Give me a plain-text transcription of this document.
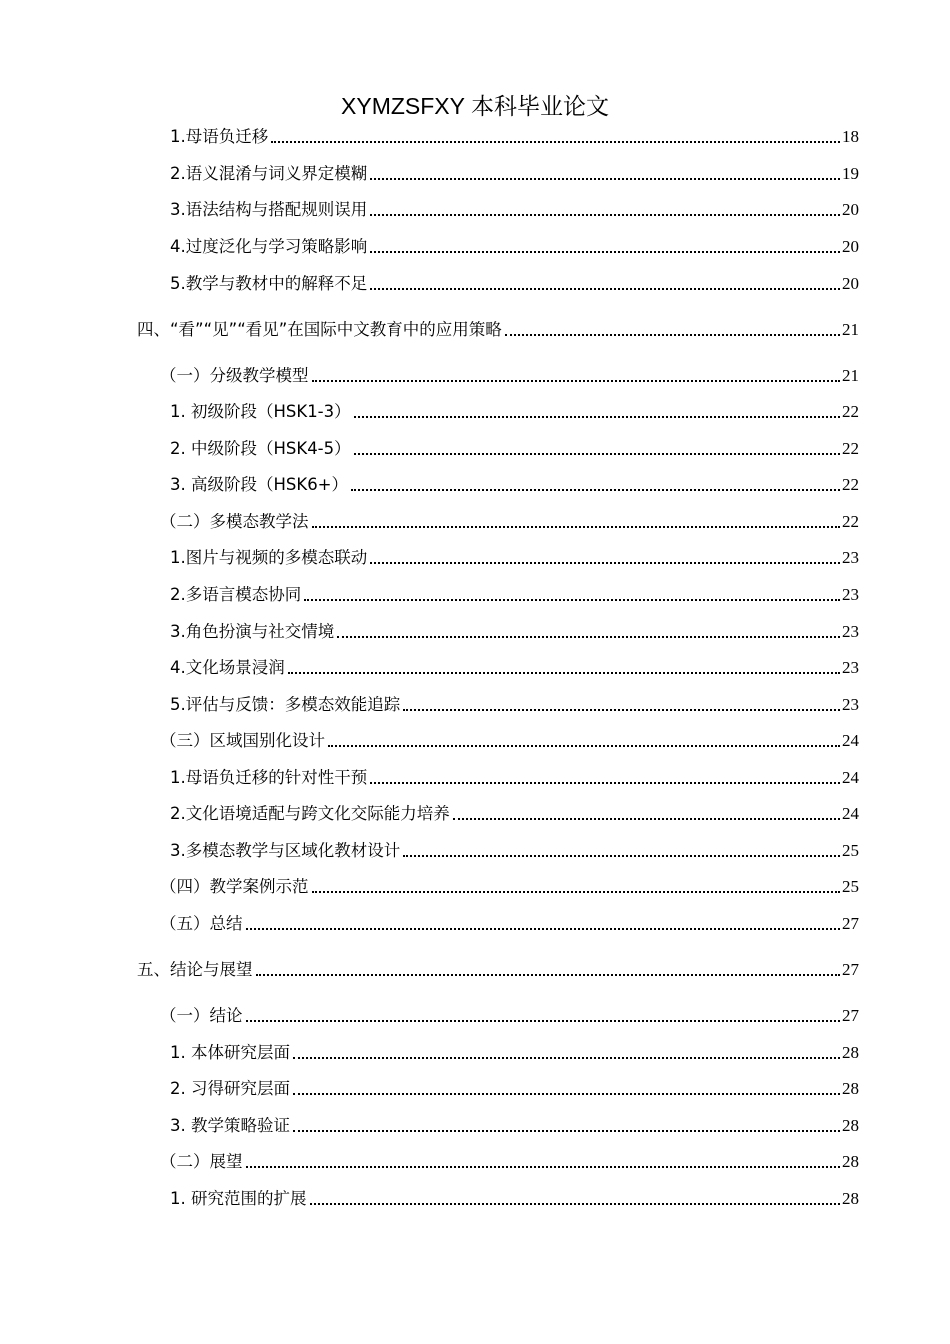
XYMZSFXY 本科毕业论文
1.母语负迁移	18
2.语义混淆与词义界定模糊	19
3.语法结构与搭配规则误用	20
4.过度泛化与学习策略影响	20
5.教学与教材中的解释不足	20
四、“看”“见”“看见”在国际中文教育中的应用策略	21
（一）分级教学模型	21
1. 初级阶段（HSK1-3）	22
2. 中级阶段（HSK4-5）	22
3. 高级阶段（HSK6+）	22
（二）多模态教学法	22
1.图片与视频的多模态联动	23
2.多语言模态协同	23
3.角色扮演与社交情境	23
4.文化场景浸润	23
5.评估与反馈：多模态效能追踪	23
（三）区域国别化设计	24
1.母语负迁移的针对性干预	24
2.文化语境适配与跨文化交际能力培养	24
3.多模态教学与区域化教材设计	25
（四）教学案例示范	25
（五）总结	27
五、结论与展望	27
（一）结论	27
1. 本体研究层面	28
2. 习得研究层面	28
3. 教学策略验证	28
（二）展望	28
1. 研究范围的扩展	28
